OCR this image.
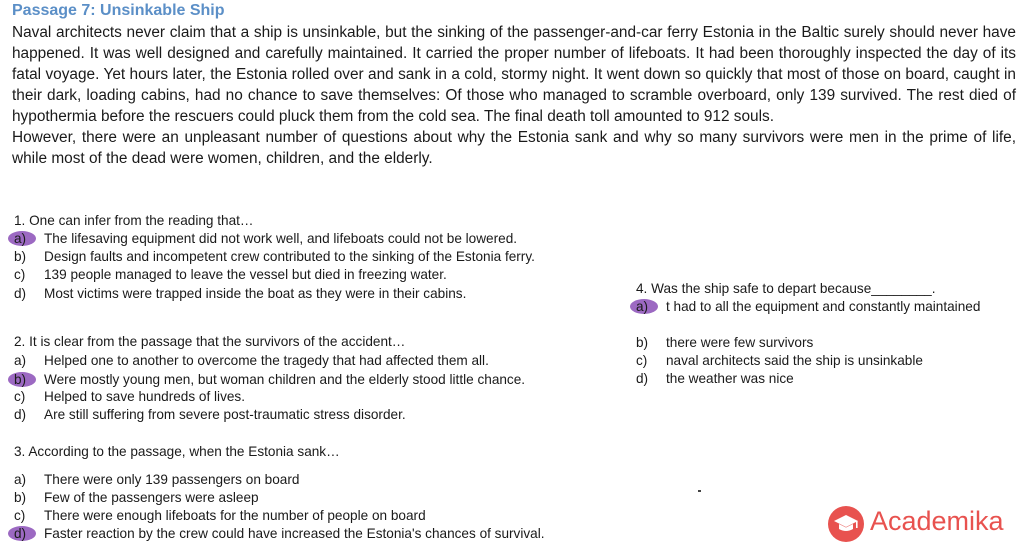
Passage 7: Unsinkable Ship

Naval architects never claim that a ship is unsinkable, but the sinking of the passenger-and-car ferry Estonia in the Baltic surely should never have happened. It was well designed and carefully maintained. It carried the proper number of lifeboats. It had been thoroughly inspected the day of its fatal voyage. Yet hours later, the Estonia rolled over and sank in a cold, stormy night. It went down so quickly that most of those on board, caught in their dark, loading cabins, had no chance to save themselves: Of those who managed to scramble overboard, only 139 survived. The rest died of hypothermia before the rescuers could pluck them from the cold sea. The final death toll amounted to 912 souls.

However, there were an unpleasant number of questions about why the Estonia sank and why so many survivors were men in the prime of life, while most of the dead were women, children, and the elderly.

1. One can infer from the reading that…
a) The lifesaving equipment did not work well, and lifeboats could not be lowered.
b) Design faults and incompetent crew contributed to the sinking of the Estonia ferry.
c) 139 people managed to leave the vessel but died in freezing water.
d) Most victims were trapped inside the boat as they were in their cabins.
2. It is clear from the passage that the survivors of the accident…
a) Helped one to another to overcome the tragedy that had affected them all.
b) Were mostly young men, but woman children and the elderly stood little chance.
c) Helped to save hundreds of lives.
d) Are still suffering from severe post-traumatic stress disorder.
3. According to the passage, when the Estonia sank…
a) There were only 139 passengers on board
b) Few of the passengers were asleep
c) There were enough lifeboats for the number of people on board
d) Faster reaction by the crew could have increased the Estonia's chances of survival.
4. Was the ship safe to depart because________.
a) t had to all the equipment and constantly maintained
b) there were few survivors
c) naval architects said the ship is unsinkable
d) the weather was nice
Academika
